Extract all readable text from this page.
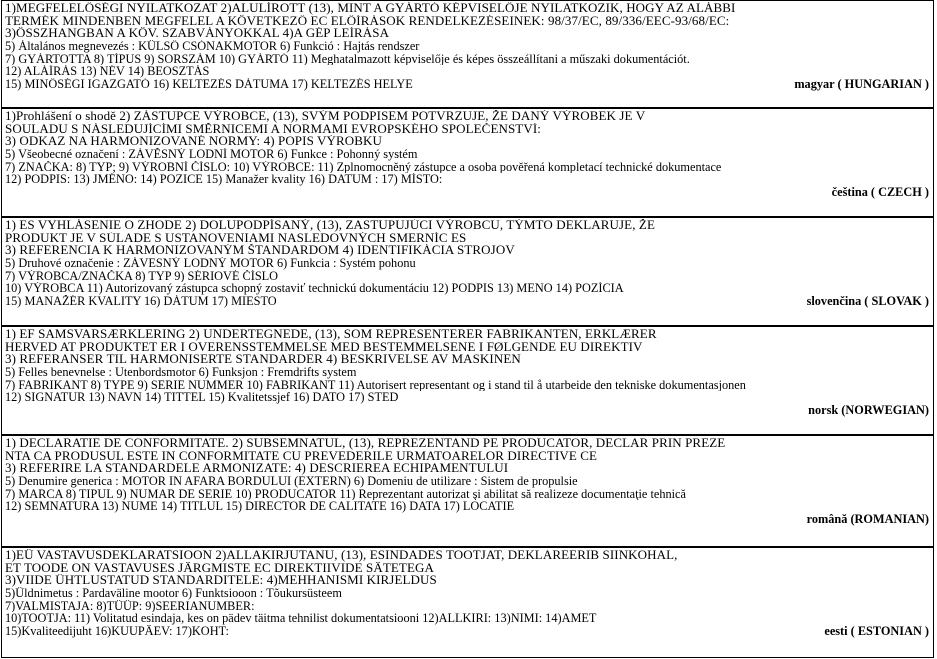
1)MEGFELELŐSÉGI NYILATKOZAT 2)ALULÍROTT (13), MINT A GYÁRTÓ KÉPVISELŐJE NYILATKOZIK, HOGY AZ ALÁBBI
TERMÉK MINDENBEN MEGFELEL A KÖVETKEZŐ EC ELŐÍRÁSOK RENDELKEZÉSEINEK: 98/37/EC, 89/336/EEC-93/68/EC:
3)ÖSSZHANGBAN A KÖV. SZABVÁNYOKKAL 4)A GÉP LEÍRÁSA
5) Általános megnevezés : KÜLSŐ CSÓNAKMOTOR 6) Funkció : Hajtás rendszer
7) GYÁRTOTTA 8) TÍPUS 9) SORSZÁM 10) GYÁRTÓ 11) Meghatalmazott képviselője és képes összeállítani a műszaki dokumentációt.
12) ALÁÍRÁS 13) NÉV 14) BEOSZTÁS
15) MINŐSÉGI IGAZGATÓ 16) KELTEZÉS DÁTUMA 17) KELTEZÉS HELYE	magyar ( HUNGARIAN )
1)Prohlášení o shodě 2) ZÁSTUPCE VÝROBCE, (13), SVÝM PODPISEM POTVRZUJE, ŽE DANÝ VÝROBEK JE V
SOULADU S NÁSLEDUJÍCÍMI SMĚRNICEMI A NORMAMI EVROPSKÉHO SPOLEČENSTVÍ:
3) ODKAZ NA HARMONIZOVANÉ NORMY: 4) POPIS VÝROBKU
5) Všeobecné označení : ZÁVĚSNÝ LODNÍ MOTOR 6) Funkce : Pohonný systém
7) ZNAČKA: 8) TYP; 9) VÝROBNÍ ČÍSLO: 10) VÝROBCE: 11) Zplnomocněný zástupce a osoba pověřená kompletací technické dokumentace
12) PODPIS: 13) JMÉNO: 14) POZICE 15) Manažer kvality 16) DATUM : 17) MÍSTO:
čeština ( CZECH )
1) ES VYHLÁSENIE O ZHODE 2) DOLUPODPÍSANÝ, (13), ZASTUPUJÚCI VÝROBCU, TÝMTO DEKLARUJE, ŽE
PRODUKT JE V SÚLADE S USTANOVENIAMI NASLEDOVNÝCH SMERNÍC ES
3) REFERENCIA K HARMONIZOVANÝM ŠTANDARDOM 4) IDENTIFIKÁCIA STROJOV
5) Druhové označenie : ZÁVESNÝ LODNÝ MOTOR 6) Funkcia : Systém pohonu
7) VÝROBCA/ZNAČKA 8) TYP 9) SÉRIOVÉ ČÍSLO
10) VÝROBCA 11) Autorizovaný zástupca schopný zostaviť technickú dokumentáciu 12) PODPIS 13) MENO 14) POZÍCIA
15) MANAŽÉR KVALITY 16) DÁTUM 17) MIESTO	slovenčina ( SLOVAK )
1) EF SAMSVARSÆRKLERING 2) UNDERTEGNEDE, (13), SOM REPRESENTERER FABRIKANTEN, ERKLÆRER
HERVED AT PRODUKTET ER I OVERENSSTEMMELSE MED BESTEMMELSENE I FØLGENDE EU DIREKTIV
3) REFERANSER TIL HARMONISERTE STANDARDER 4) BESKRIVELSE AV MASKINEN
5) Felles benevnelse : Utenbordsmotor 6) Funksjon : Fremdrifts system
7) FABRIKANT 8) TYPE 9) SERIE NUMMER 10) FABRIKANT 11) Autorisert representant og i stand til å utarbeide den tekniske dokumentasjonen
12) SIGNATUR 13) NAVN 14) TITTEL 15) Kvalitetssjef 16) DATO 17) STED
norsk (NORWEGIAN)
1) DECLARATIE DE CONFORMITATE. 2) SUBSEMNATUL, (13), REPREZENTAND PE PRODUCATOR, DECLAR PRIN PREZE
NTA CA PRODUSUL ESTE IN CONFORMITATE CU PREVEDERILE URMATOARELOR DIRECTIVE CE
3) REFERIRE LA STANDARDELE ARMONIZATE: 4) DESCRIEREA ECHIPAMENTULUI
5) Denumire generica : MOTOR IN AFARA BORDULUI (EXTERN) 6) Domeniu de utilizare : Sistem de propulsie
7) MARCA 8) TIPUL 9) NUMAR DE SERIE 10) PRODUCATOR 11) Reprezentant autorizat şi abilitat să realizeze documentaţie tehnică
12) SEMNATURA 13) NUME 14) TITLUL 15) DIRECTOR DE CALITATE 16) DATA 17) LOCATIE
română (ROMANIAN)
1)EÜ VASTAVUSDEKLARATSIOON 2)ALLAKIRJUTANU, (13), ESINDADES TOOTJAT, DEKLAREERIB SIINKOHAL,
ET TOODE ON VASTAVUSES JÄRGMISTE EC DIREKTIIVIDE SÄTETEGA
3)VIIDE ÜHTLUSTATUD STANDARDITELE: 4)MEHHANISMI KIRJELDUS
5)Üldnimetus : Pardaväline mootor 6) Funktsiooon : Tõukursüsteem
7)VALMISTAJA: 8)TÜÜP: 9)SEERIANUMBER:
10)TOOTJA: 11) Volitatud esindaja, kes on pädev täitma tehnilist dokumentatsiooni 12)ALLKIRI: 13)NIMI: 14)AMET
15)Kvaliteedijuht 16)KUUPÄEV: 17)KOHT:	eesti ( ESTONIAN )
